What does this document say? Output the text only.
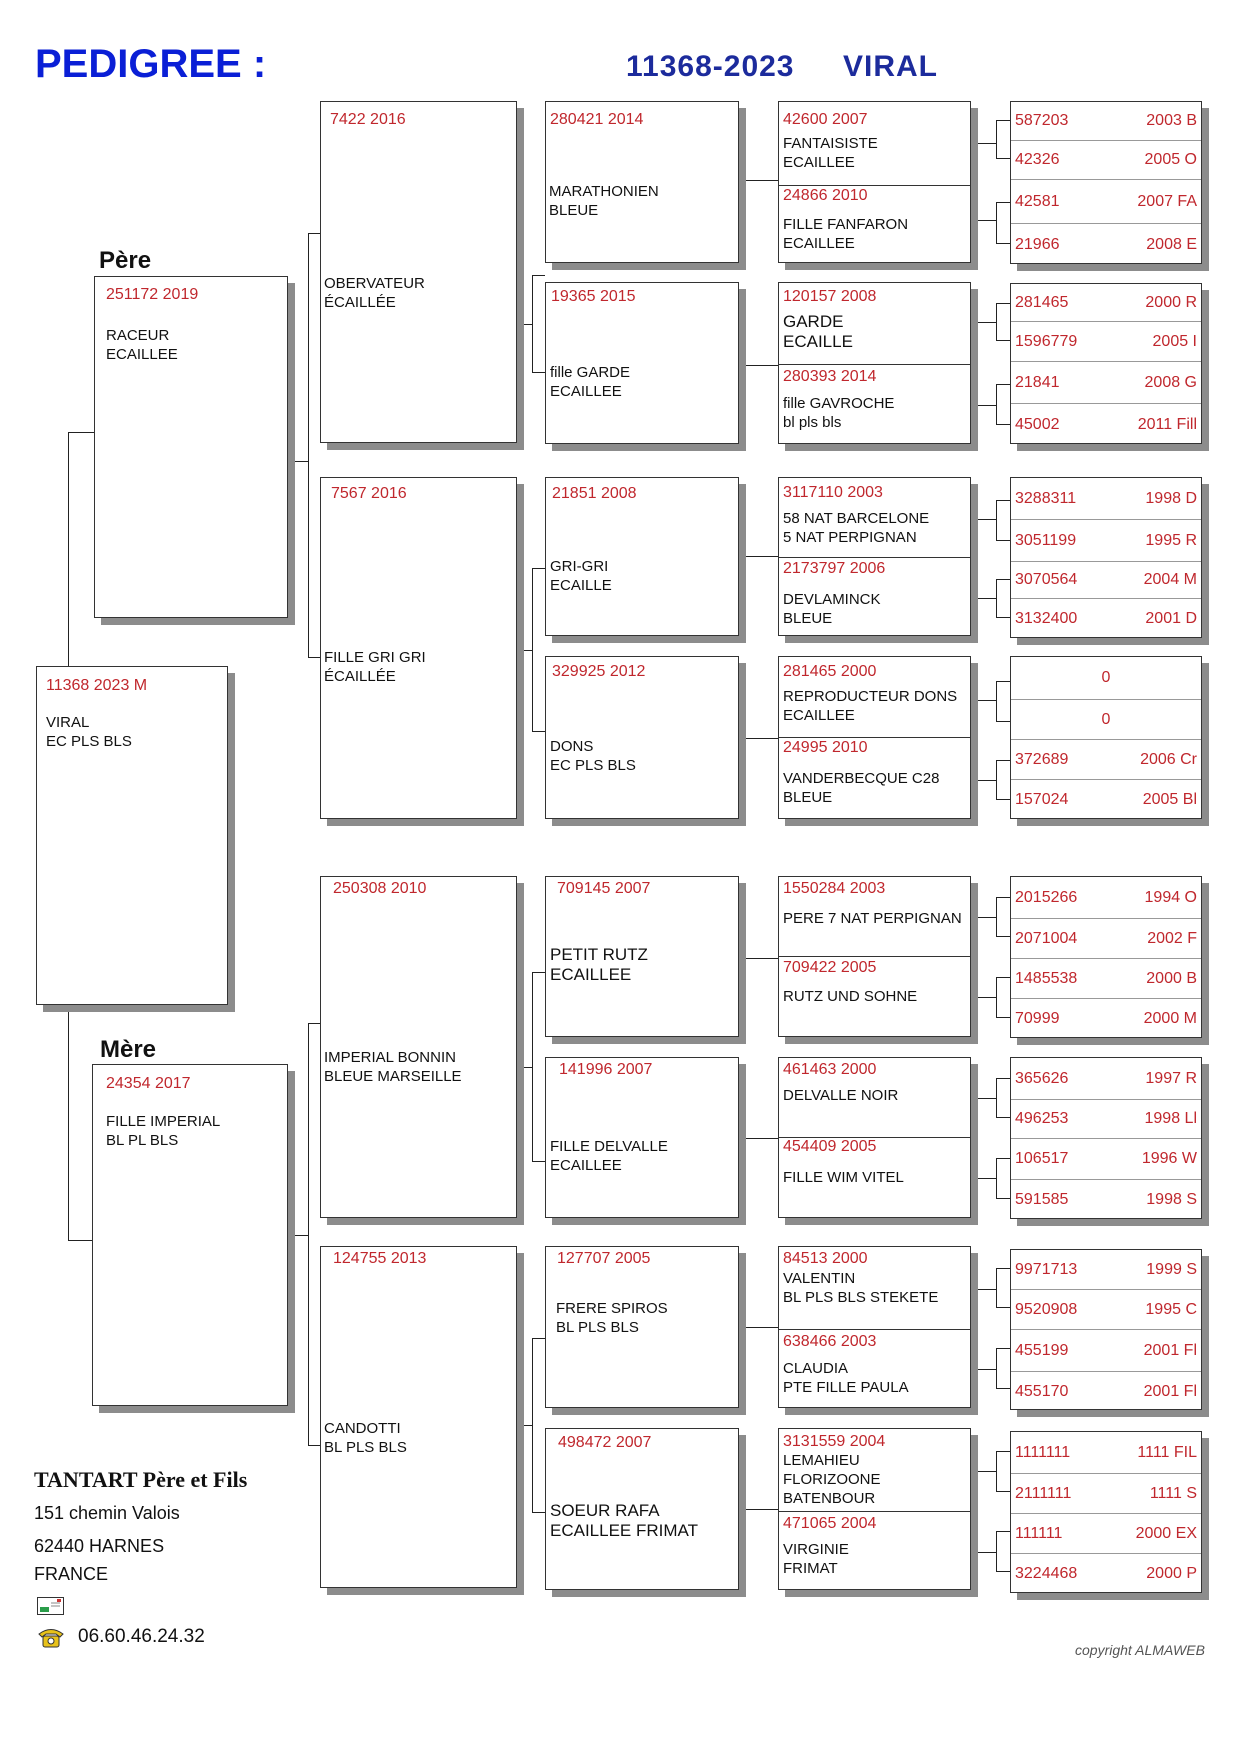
PEDIGREE :	11368-2023 VIRAL
Père
Mère
11368 2023 M
VIRAL
EC PLS BLS
251172 2019
RACEUR
ECAILLEE
24354 2017
FILLE IMPERIAL
BL PL BLS
7422 2016
OBERVATEUR
ÉCAILLÉE
7567 2016
FILLE GRI GRI
ÉCAILLÉE
250308 2010
IMPERIAL BONNIN
BLEUE MARSEILLE
124755 2013
CANDOTTI
BL PLS BLS
280421 2014
MARATHONIEN
BLEUE
19365 2015
fille GARDE
ECAILLEE
21851 2008
GRI-GRI
ECAILLE
329925 2012
DONS
EC PLS BLS
709145 2007
PETIT RUTZ
ECAILLEE
141996 2007
FILLE DELVALLE
ECAILLEE
127707 2005
FRERE SPIROS
BL PLS BLS
498472 2007
SOEUR RAFA
ECAILLEE FRIMAT
42600 2007
FANTAISISTE
ECAILLEE
24866 2010
FILLE FANFARON
ECAILLEE
120157 2008
GARDE
ECAILLE
280393 2014
fille GAVROCHE
bl pls bls
3117110 2003
58 NAT BARCELONE
5 NAT PERPIGNAN
2173797 2006
DEVLAMINCK
BLEUE
281465 2000
REPRODUCTEUR DONS
ECAILLEE
24995 2010
VANDERBECQUE C28
BLEUE
1550284 2003
PERE 7 NAT PERPIGNAN
709422 2005
RUTZ UND SOHNE
461463 2000
DELVALLE NOIR
454409 2005
FILLE WIM VITEL
84513 2000
VALENTIN
BL PLS BLS STEKETE
638466 2003
CLAUDIA
PTE FILLE PAULA
3131559 2004
LEMAHIEU
FLORIZOONE BATENBOUR
471065 2004
VIRGINIE
FRIMAT
587203	2003 B
42326	2005 O
42581	2007 FA
21966	2008 E
281465	2000 R
1596779	2005 I
21841	2008 G
45002	2011 Fill
3288311	1998 D
3051199	1995 R
3070564	2004 M
3132400	2001 D
0
0
372689	2006 Cr
157024	2005 Bl
2015266	1994 O
2071004	2002 F
1485538	2000 B
70999	2000 M
365626	1997 R
496253	1998 Ll
106517	1996 W
591585	1998 S
9971713	1999 S
9520908	1995 C
455199	2001 Fl
455170	2001 Fl
1111111	1111 FIL
2111111	1111 S
111111	2000 EX
3224468	2000 P
TANTART Père et Fils
151 chemin Valois
62440 HARNES
FRANCE
06.60.46.24.32
copyright ALMAWEB
